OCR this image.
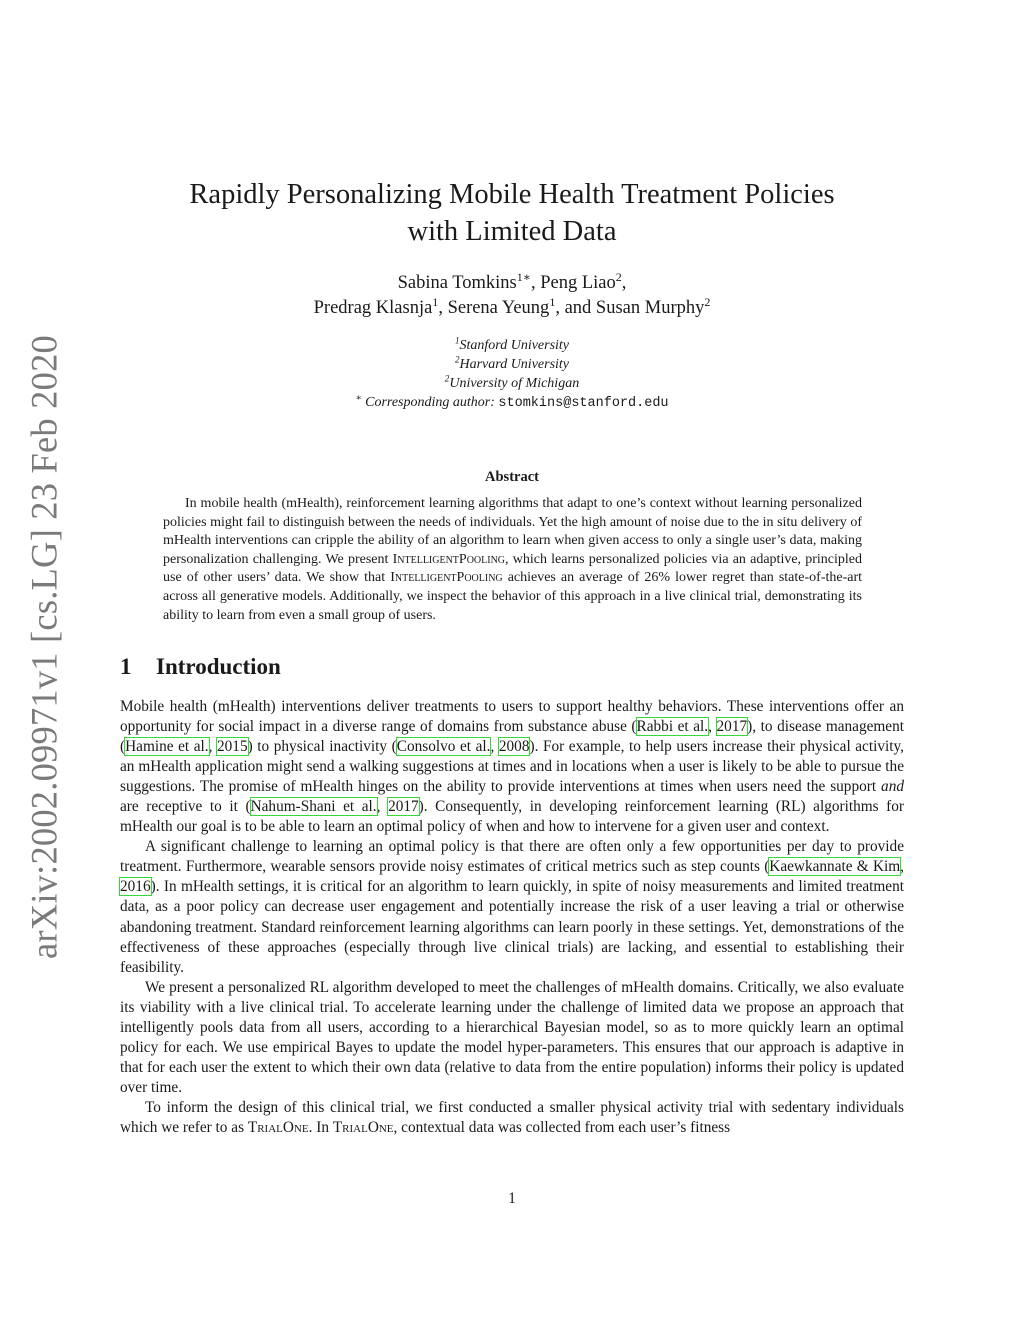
arXiv:2002.09971v1 [cs.LG] 23 Feb 2020
Rapidly Personalizing Mobile Health Treatment Policies
with Limited Data
Sabina Tomkins$^{1∗}$, Peng Liao$^2$,
Predrag Klasnja$^1$, Serena Yeung$^1$, and Susan Murphy$^2$
$^1$Stanford University
$^2$Harvard University
$^2$University of Michigan
∗ Corresponding author: stomkins@stanford.edu
Abstract

In mobile health (mHealth), reinforcement learning algorithms that adapt to one’s context without learning personalized policies might fail to distinguish between the needs of individuals. Yet the high amount of noise due to the in situ delivery of mHealth interventions can cripple the ability of an algorithm to learn when given access to only a single user’s data, making personalization challenging. We present IntelligentPooling, which learns personalized policies via an adaptive, principled use of other users’ data. We show that IntelligentPooling achieves an average of 26% lower regret than state-of-the-art across all generative models. Additionally, we inspect the behavior of this approach in a live clinical trial, demonstrating its ability to learn from even a small group of users.

1 Introduction

Mobile health (mHealth) interventions deliver treatments to users to support healthy behaviors. These interventions offer an opportunity for social impact in a diverse range of domains from substance abuse (Rabbi et al., 2017), to disease management (Hamine et al., 2015) to physical inactivity (Consolvo et al., 2008). For example, to help users increase their physical activity, an mHealth application might send a walking suggestions at times and in locations when a user is likely to be able to pursue the suggestions. The promise of mHealth hinges on the ability to provide interventions at times when users need the support and are receptive to it (Nahum-Shani et al., 2017). Consequently, in developing reinforcement learning (RL) algorithms for mHealth our goal is to be able to learn an optimal policy of when and how to intervene for a given user and context.

A significant challenge to learning an optimal policy is that there are often only a few opportunities per day to provide treatment. Furthermore, wearable sensors provide noisy estimates of critical metrics such as step counts (Kaewkannate & Kim, 2016). In mHealth settings, it is critical for an algorithm to learn quickly, in spite of noisy measurements and limited treatment data, as a poor policy can decrease user engagement and potentially increase the risk of a user leaving a trial or otherwise abandoning treatment. Standard reinforcement learning algorithms can learn poorly in these settings. Yet, demonstrations of the effectiveness of these approaches (especially through live clinical trials) are lacking, and essential to establishing their feasibility.

We present a personalized RL algorithm developed to meet the challenges of mHealth domains. Critically, we also evaluate its viability with a live clinical trial. To accelerate learning under the challenge of limited data we propose an approach that intelligently pools data from all users, according to a hierarchical Bayesian model, so as to more quickly learn an optimal policy for each. We use empirical Bayes to update the model hyper-parameters. This ensures that our approach is adaptive in that for each user the extent to which their own data (relative to data from the entire population) informs their policy is updated over time.

To inform the design of this clinical trial, we first conducted a smaller physical activity trial with sedentary individuals which we refer to as TrialOne. In TrialOne, contextual data was collected from each user’s fitness

1
